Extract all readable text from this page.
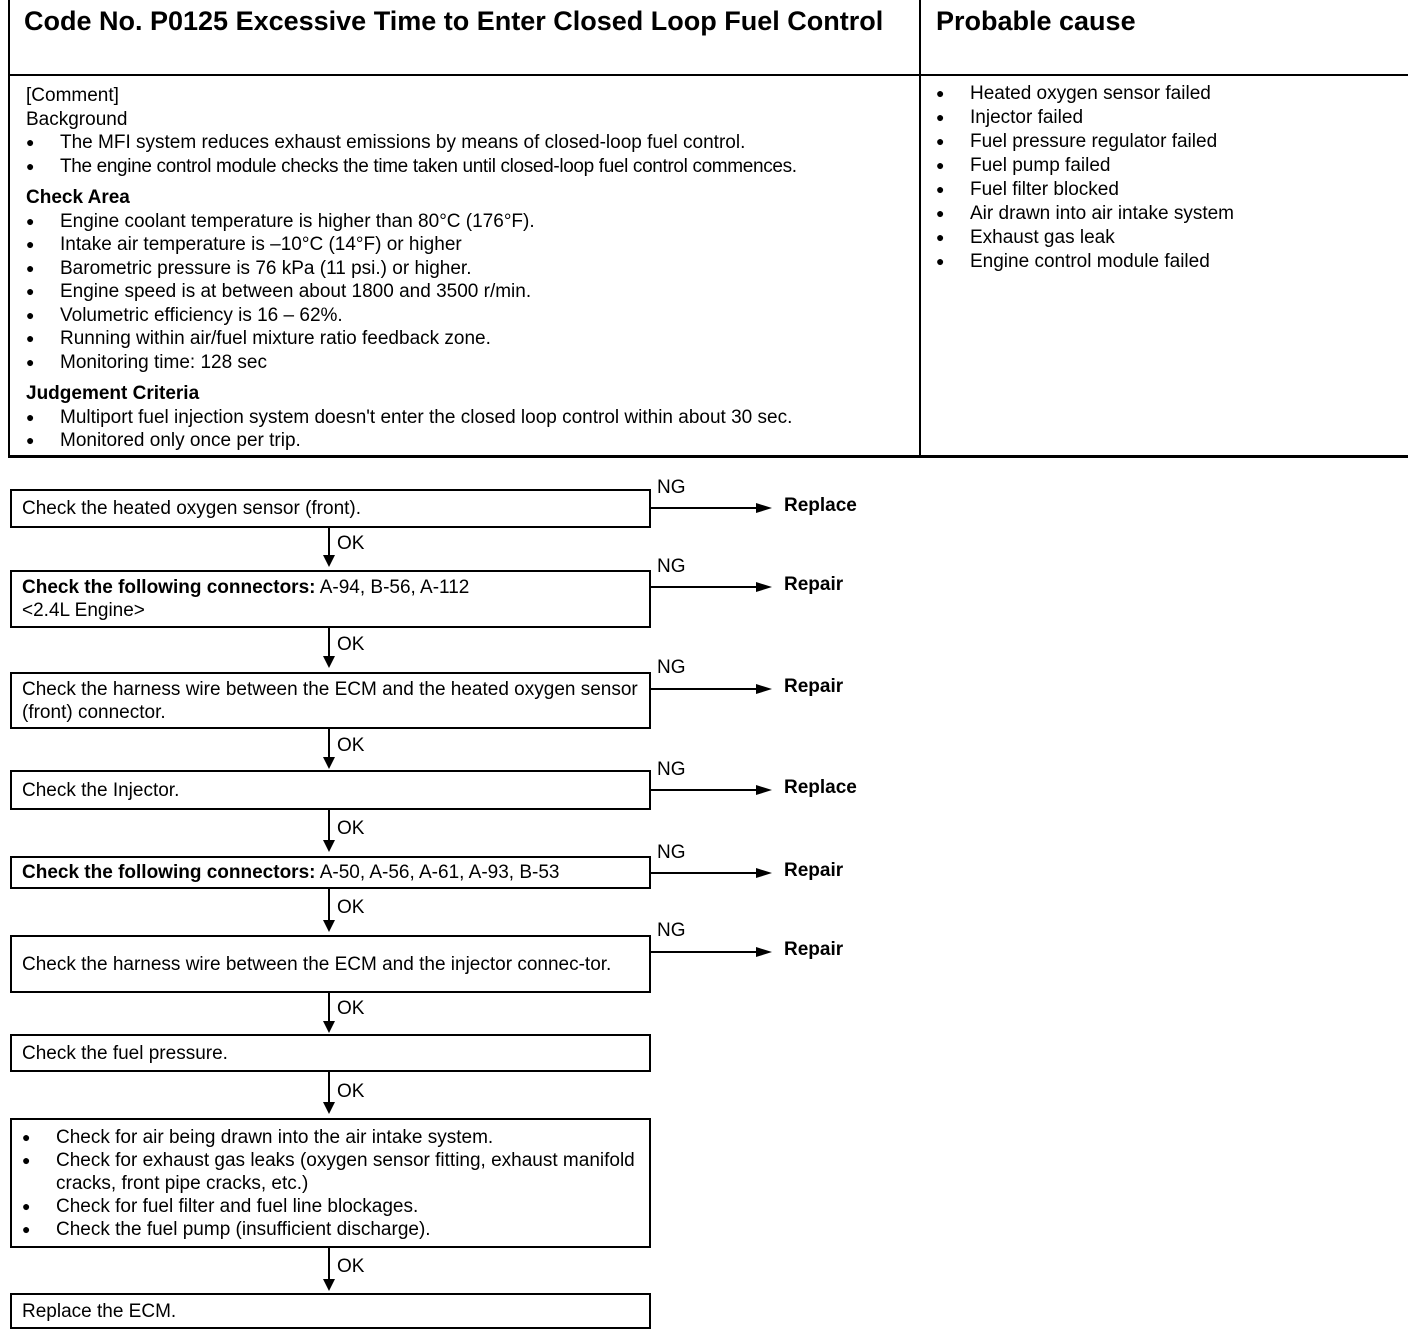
Code No. P0125 Excessive Time to Enter Closed Loop Fuel Control	Probable cause
[Comment]
Background
● The MFI system reduces exhaust emissions by means of closed-loop fuel control.
● The engine control module checks the time taken until closed-loop fuel control commences.
Check Area
● Engine coolant temperature is higher than 80°C (176°F).
● Intake air temperature is –10°C (14°F) or higher
● Barometric pressure is 76 kPa (11 psi.) or higher.
● Engine speed is at between about 1800 and 3500 r/min.
● Volumetric efficiency is 16 – 62%.
● Running within air/fuel mixture ratio feedback zone.
● Monitoring time: 128 sec
Judgement Criteria
● Multiport fuel injection system doesn't enter the closed loop control within about 30 sec.
● Monitored only once per trip.
● Heated oxygen sensor failed
● Injector failed
● Fuel pressure regulator failed
● Fuel pump failed
● Fuel filter blocked
● Air drawn into air intake system
● Exhaust gas leak
● Engine control module failed
Check the heated oxygen sensor (front).
NG
Replace
OK
Check the following connectors: A-94, B-56, A-112
<2.4L Engine>
NG
Repair
OK
Check the harness wire between the ECM and the heated oxygen sensor (front) connector.
NG
Repair
OK
Check the Injector.
NG
Replace
OK
Check the following connectors: A-50, A-56, A-61, A-93, B-53
NG
Repair
OK
Check the harness wire between the ECM and the injector connec-tor.
NG
Repair
OK
Check the fuel pressure.
OK
● Check for air being drawn into the air intake system.
● Check for exhaust gas leaks (oxygen sensor fitting, exhaust manifold cracks, front pipe cracks, etc.)
● Check for fuel filter and fuel line blockages.
● Check the fuel pump (insufficient discharge).
OK
Replace the ECM.
